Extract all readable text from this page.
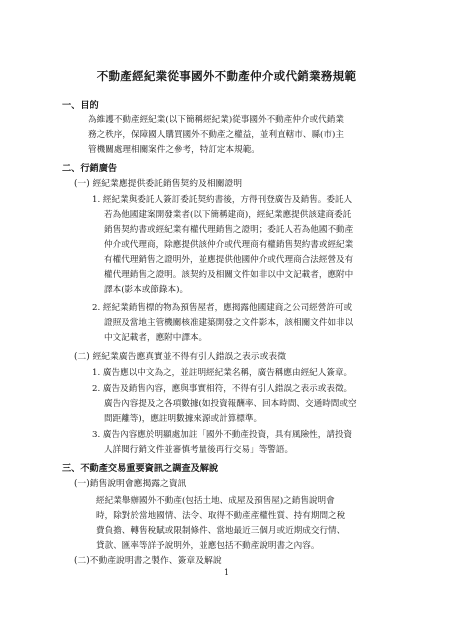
不動產經紀業從事國外不動產仲介或代銷業務規範
一、目的
為維護不動產經紀業(以下簡稱經紀業)從事國外不動產仲介或代銷業
務之秩序，保障國人購買國外不動產之權益，並利直轄市、縣(市)主
管機關處理相關案件之參考，特訂定本規範。
二、行銷廣告
(一) 經紀業應提供委託銷售契約及相關證明
1. 經紀業與委託人簽訂委託契約書後，方得刊登廣告及銷售。委託人
若為他國建案開發業者(以下簡稱建商)，經紀業應提供該建商委託
銷售契約書或經紀業有權代理銷售之證明；委託人若為他國不動產
仲介或代理商，除應提供該仲介或代理商有權銷售契約書或經紀業
有權代理銷售之證明外，並應提供他國仲介或代理商合法經營及有
權代理銷售之證明。該契約及相關文件如非以中文記載者，應附中
譯本(影本或節錄本)。
2. 經紀業銷售標的物為預售屋者，應揭露他國建商之公司經營許可或
證照及當地主管機關核准建築開發之文件影本，該相關文件如非以
中文記載者，應附中譯本。
(二) 經紀業廣告應真實並不得有引人錯誤之表示或表徵
1. 廣告應以中文為之，並註明經紀業名稱，廣告稱應由經紀人簽章。
2. 廣告及銷售內容，應與事實相符，不得有引人錯誤之表示或表徵。
廣告內容提及之各項數據(如投資報酬率、回本時間、交通時間或空
間距離等)，應註明數據來源或計算標準。
3. 廣告內容應於明顯處加註「國外不動產投資，具有風險性，請投資
人詳閱行銷文件並審慎考量後再行交易」等警語。
三、不動產交易重要資訊之調查及解說
(一)銷售說明會應揭露之資訊
經紀業舉辦國外不動產(包括土地、成屋及預售屋)之銷售說明會
時，除對於當地國情、法令、取得不動產產權性質、持有期間之稅
費負擔、轉售稅賦或限制條件、當地最近三個月或近期成交行情、
貸款、匯率等詳予說明外，並應包括不動產說明書之內容。
(二)不動產說明書之製作、簽章及解說
1
